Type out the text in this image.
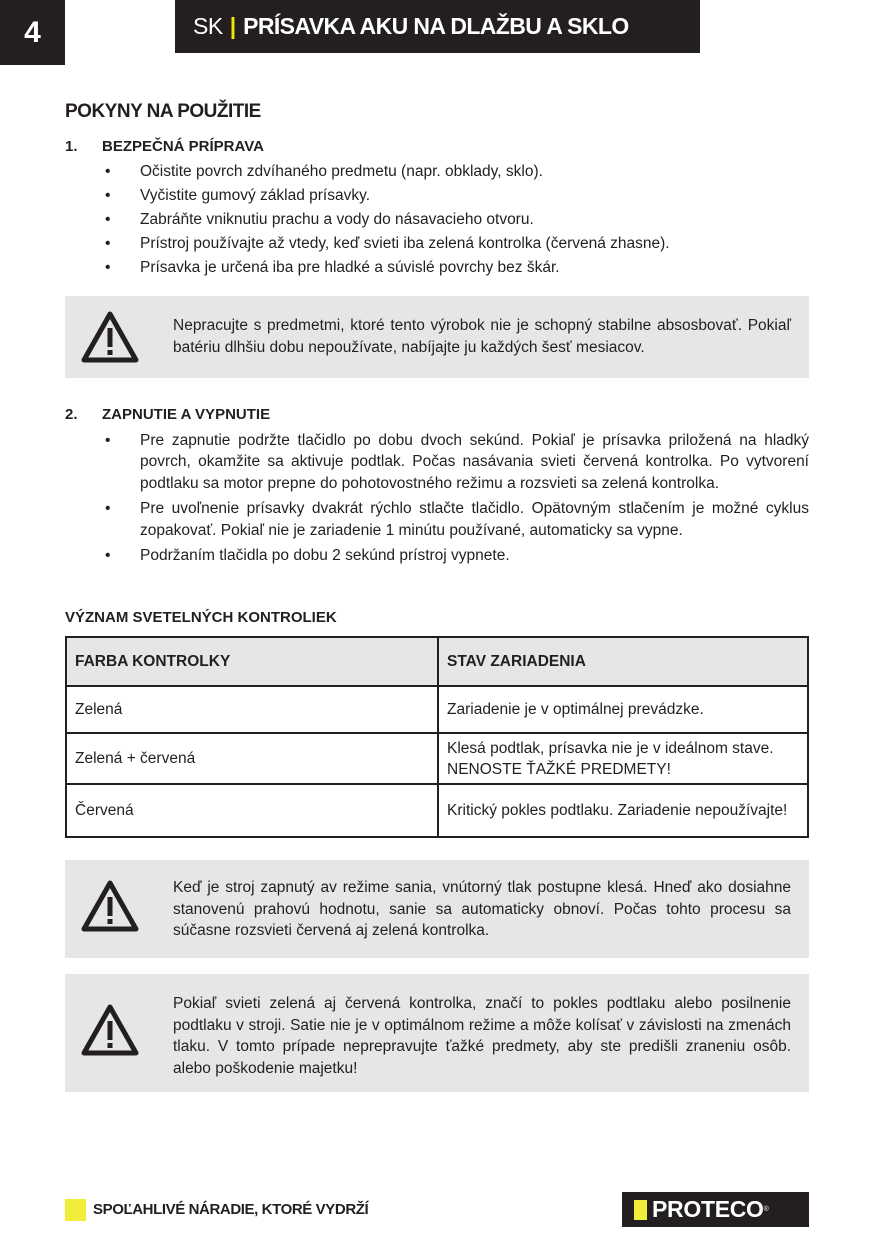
4	SK | PRÍSAVKA AKU NA DLAŽBU A SKLO
POKYNY NA POUŽITIE
1. BEZPEČNÁ PRÍPRAVA
• Očistite povrch zdvíhaného predmetu (napr. obklady, sklo).
• Vyčistite gumový základ prísavky.
• Zabráňte vniknutiu prachu a vody do násavacieho otvoru.
• Prístroj používajte až vtedy, keď svieti iba zelená kontrolka (červená zhasne).
• Prísavka je určená iba pre hladké a súvislé povrchy bez škár.
Nepracujte s predmetmi, ktoré tento výrobok nie je schopný stabilne absosbovať. Pokiaľ batériu dlhšiu dobu nepoužívate, nabíjajte ju každých šesť mesiacov.
2. ZAPNUTIE A VYPNUTIE
• Pre zapnutie podržte tlačidlo po dobu dvoch sekúnd. Pokiaľ je prísavka priložená na hladký povrch, okamžite sa aktivuje podtlak. Počas nasávania svieti červená kontrolka. Po vytvorení podtlaku sa motor prepne do pohotovostného režimu a rozsvieti sa zelená kontrolka.
• Pre uvoľnenie prísavky dvakrát rýchlo stlačte tlačidlo. Opätovným stlačením je možné cyklus zopakovať. Pokiaľ nie je zariadenie 1 minútu používané, automaticky sa vypne.
• Podržaním tlačidla po dobu 2 sekúnd prístroj vypnete.
VÝZNAM SVETELNÝCH KONTROLIEK
FARBA KONTROLKY	STAV ZARIADENIA
Zelená	Zariadenie je v optimálnej prevádzke.
Zelená + červená	Klesá podtlak, prísavka nie je v ideálnom stave. NENOSTE ŤAŽKÉ PREDMETY!
Červená	Kritický pokles podtlaku. Zariadenie nepoužívajte!
Keď je stroj zapnutý av režime sania, vnútorný tlak postupne klesá. Hneď ako dosiahne stanovenú prahovú hodnotu, sanie sa automaticky obnoví. Počas tohto procesu sa súčasne rozsvieti červená aj zelená kontrolka.
Pokiaľ svieti zelená aj červená kontrolka, značí to pokles podtlaku alebo posilnenie podtlaku v stroji. Satie nie je v optimálnom režime a môže kolísať v závislosti na zmenách tlaku. V tomto prípade neprepravujte ťažké predmety, aby ste predišli zraneniu osôb. alebo poškodenie majetku!
SPOĽAHLIVÉ NÁRADIE, KTORÉ VYDRŽÍ	PROTECO ®
